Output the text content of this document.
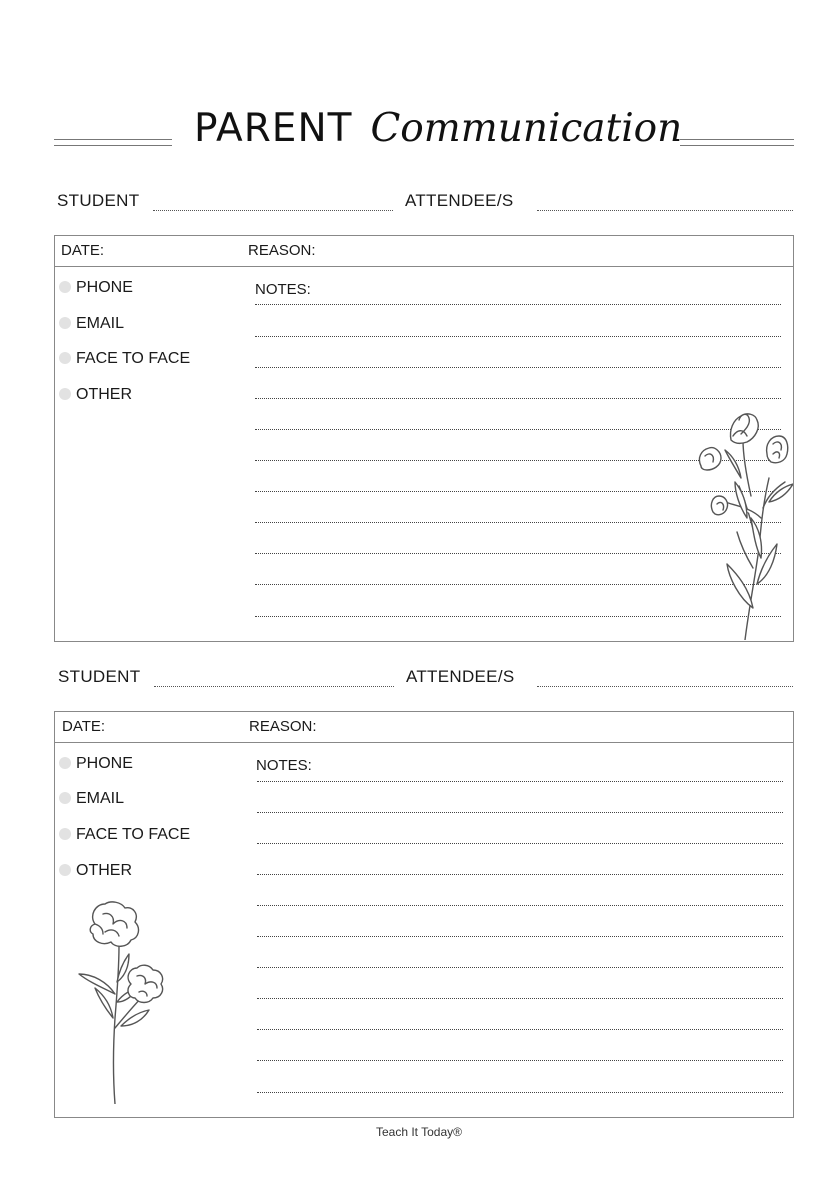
PARENT Communication
STUDENT	ATTENDEE/S
DATE:	REASON:
PHONE
EMAIL
FACE TO FACE
OTHER
NOTES:
STUDENT	ATTENDEE/S
DATE:	REASON:
PHONE
EMAIL
FACE TO FACE
OTHER
NOTES:
Teach It Today®
